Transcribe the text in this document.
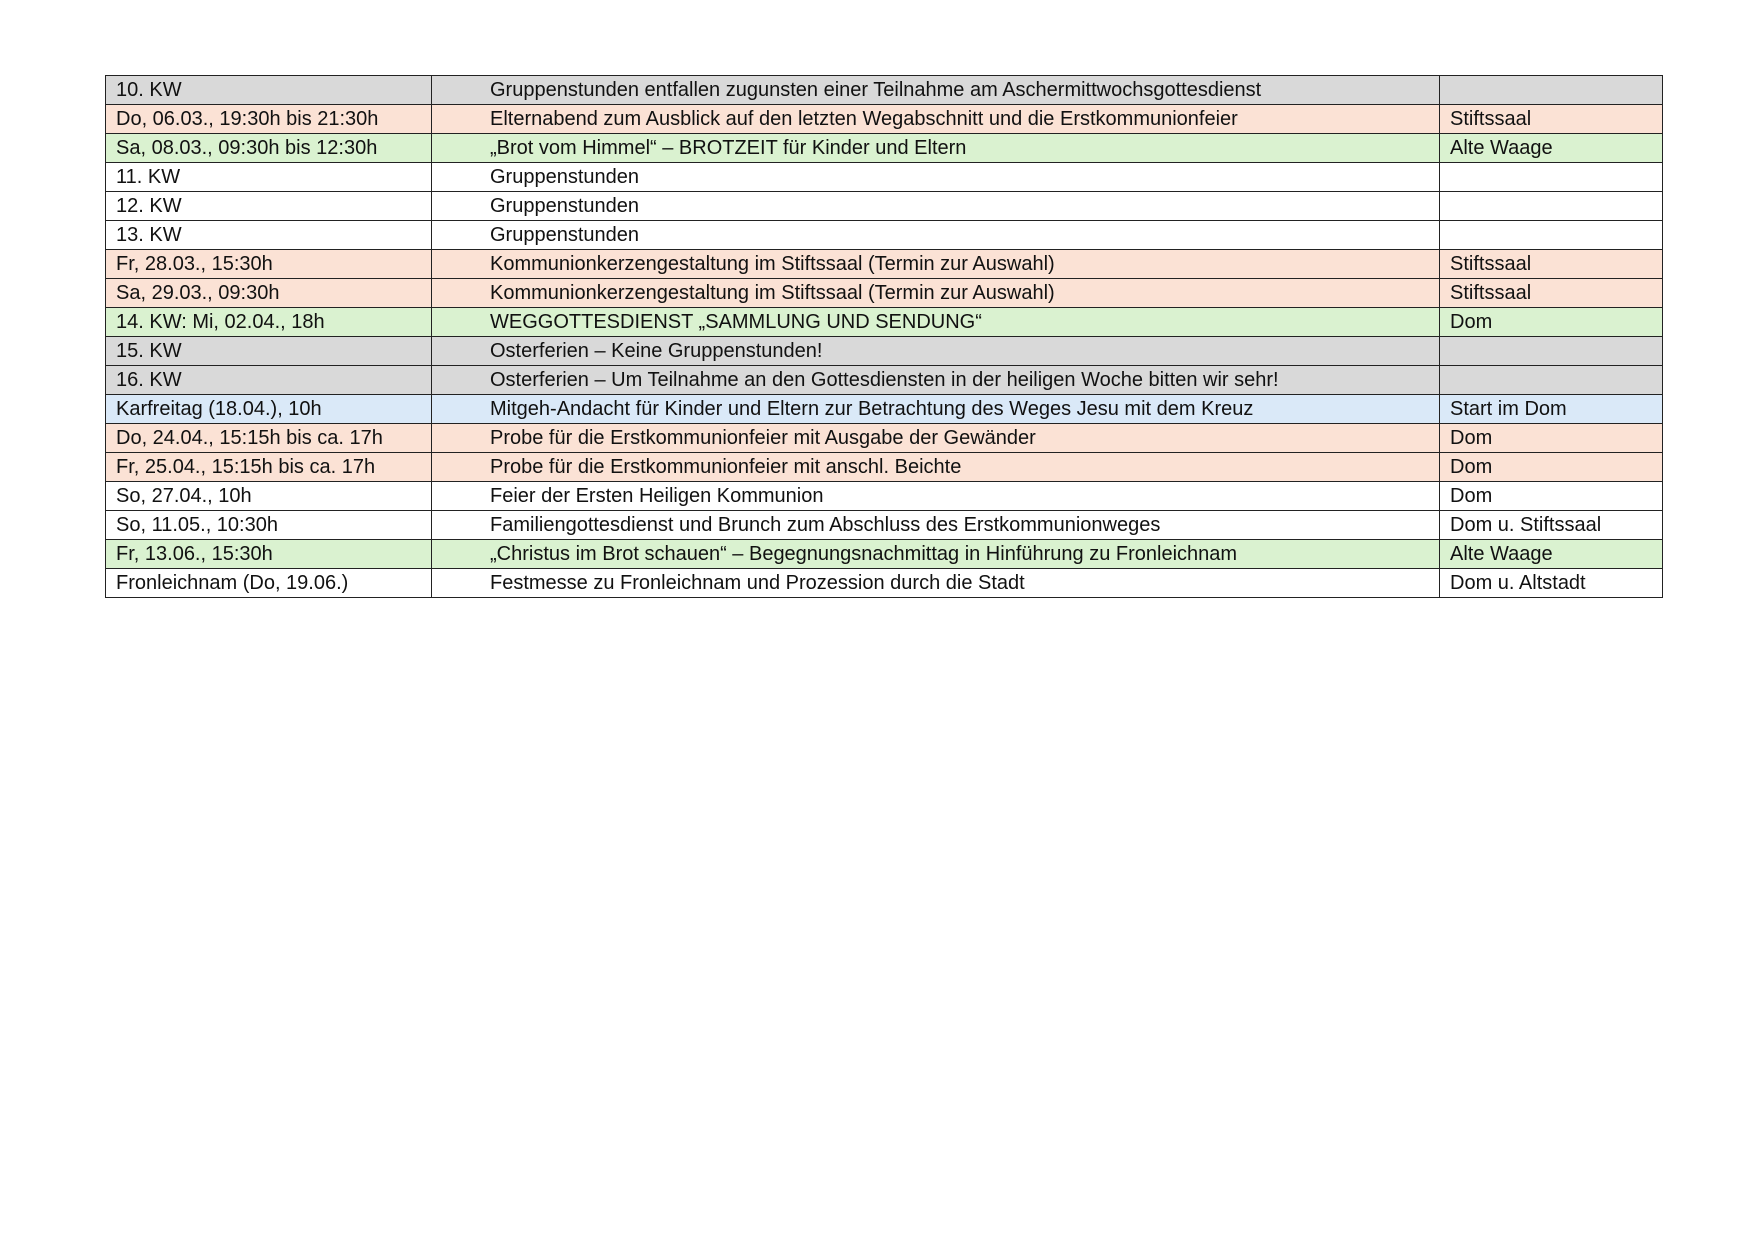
10. KW	Gruppenstunden entfallen zugunsten einer Teilnahme am Aschermittwochsgottesdienst	
Do, 06.03., 19:30h bis 21:30h	Elternabend zum Ausblick auf den letzten Wegabschnitt und die Erstkommunionfeier	Stiftssaal
Sa, 08.03., 09:30h bis 12:30h	„Brot vom Himmel“ – BROTZEIT für Kinder und Eltern	Alte Waage
11. KW	Gruppenstunden	
12. KW	Gruppenstunden	
13. KW	Gruppenstunden	
Fr, 28.03., 15:30h	Kommunionkerzengestaltung im Stiftssaal (Termin zur Auswahl)	Stiftssaal
Sa, 29.03., 09:30h	Kommunionkerzengestaltung im Stiftssaal (Termin zur Auswahl)	Stiftssaal
14. KW: Mi, 02.04., 18h	WEGGOTTESDIENST „SAMMLUNG UND SENDUNG“	Dom
15. KW	Osterferien – Keine Gruppenstunden!	
16. KW	Osterferien – Um Teilnahme an den Gottesdiensten in der heiligen Woche bitten wir sehr!	
Karfreitag (18.04.), 10h	Mitgeh-Andacht für Kinder und Eltern zur Betrachtung des Weges Jesu mit dem Kreuz	Start im Dom
Do, 24.04., 15:15h bis ca. 17h	Probe für die Erstkommunionfeier mit Ausgabe der Gewänder	Dom
Fr, 25.04., 15:15h bis ca. 17h	Probe für die Erstkommunionfeier mit anschl. Beichte	Dom
So, 27.04., 10h	Feier der Ersten Heiligen Kommunion	Dom
So, 11.05., 10:30h	Familiengottesdienst und Brunch zum Abschluss des Erstkommunionweges	Dom u. Stiftssaal
Fr, 13.06., 15:30h	„Christus im Brot schauen“ – Begegnungsnachmittag in Hinführung zu Fronleichnam	Alte Waage
Fronleichnam (Do, 19.06.)	Festmesse zu Fronleichnam und Prozession durch die Stadt	Dom u. Altstadt
